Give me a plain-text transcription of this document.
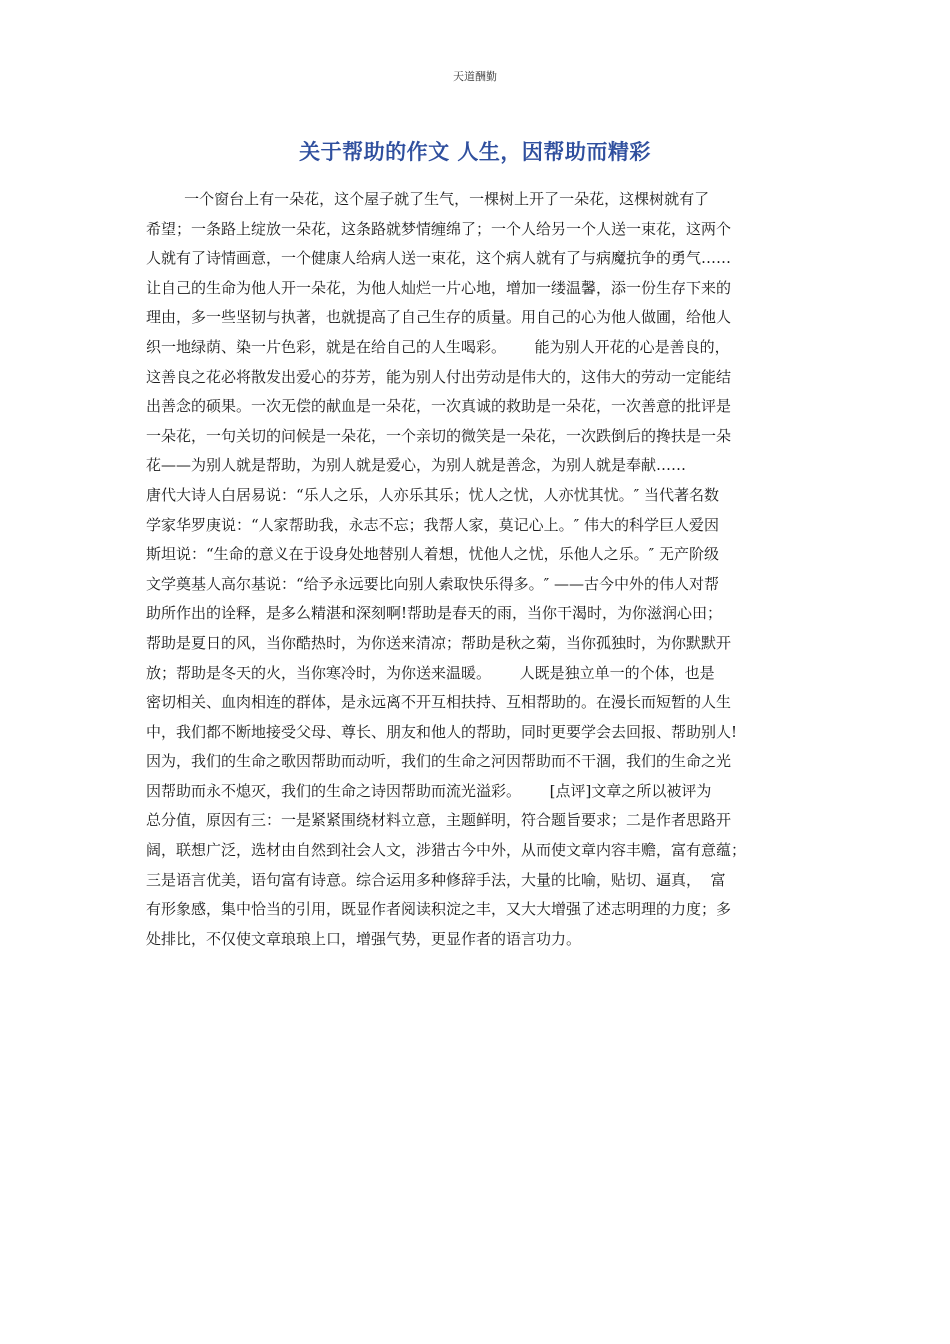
天道酬勤
关于帮助的作文 人生，因帮助而精彩
一个窗台上有一朵花，这个屋子就了生气，一棵树上开了一朵花，这棵树就有了
希望；一条路上绽放一朵花，这条路就梦情缠绵了；一个人给另一个人送一束花，这两个
人就有了诗情画意，一个健康人给病人送一束花，这个病人就有了与病魔抗争的勇气……
让自己的生命为他人开一朵花，为他人灿烂一片心地，增加一缕温馨，添一份生存下来的
理由，多一些坚韧与执著，也就提高了自己生存的质量。用自己的心为他人做圃，给他人
织一地绿荫、染一片色彩，就是在给自己的人生喝彩。      能为别人开花的心是善良的，
这善良之花必将散发出爱心的芬芳，能为别人付出劳动是伟大的，这伟大的劳动一定能结
出善念的硕果。一次无偿的献血是一朵花，一次真诚的救助是一朵花，一次善意的批评是
一朵花，一句关切的问候是一朵花，一个亲切的微笑是一朵花，一次跌倒后的搀扶是一朵
花——为别人就是帮助，为别人就是爱心，为别人就是善念，为别人就是奉献……
唐代大诗人白居易说：“乐人之乐，人亦乐其乐；忧人之忧，人亦忧其忧。″ 当代著名数
学家华罗庚说：“人家帮助我，永志不忘；我帮人家，莫记心上。″ 伟大的科学巨人爱因
斯坦说：“生命的意义在于设身处地替别人着想，忧他人之忧，乐他人之乐。″ 无产阶级
文学奠基人高尔基说：“给予永远要比向别人索取快乐得多。″ ——古今中外的伟人对帮
助所作出的诠释，是多么精湛和深刻啊!帮助是春天的雨，当你干渴时，为你滋润心田；
帮助是夏日的风，当你酷热时，为你送来清凉；帮助是秋之菊，当你孤独时，为你默默开
放；帮助是冬天的火，当你寒冷时，为你送来温暖。      人既是独立单一的个体，也是
密切相关、血肉相连的群体，是永远离不开互相扶持、互相帮助的。在漫长而短暂的人生
中，我们都不断地接受父母、尊长、朋友和他人的帮助，同时更要学会去回报、帮助别人!
因为，我们的生命之歌因帮助而动听，我们的生命之河因帮助而不干涸，我们的生命之光
因帮助而永不熄灭，我们的生命之诗因帮助而流光溢彩。      [点评]文章之所以被评为
总分值，原因有三：一是紧紧围绕材料立意，主题鲜明，符合题旨要求；二是作者思路开
阔，联想广泛，选材由自然到社会人文，涉猎古今中外，从而使文章内容丰赡，富有意蕴；
三是语言优美，语句富有诗意。综合运用多种修辞手法，大量的比喻，贴切、逼真，  富
有形象感，集中恰当的引用，既显作者阅读积淀之丰，又大大增强了述志明理的力度；多
处排比，不仅使文章琅琅上口，增强气势，更显作者的语言功力。
